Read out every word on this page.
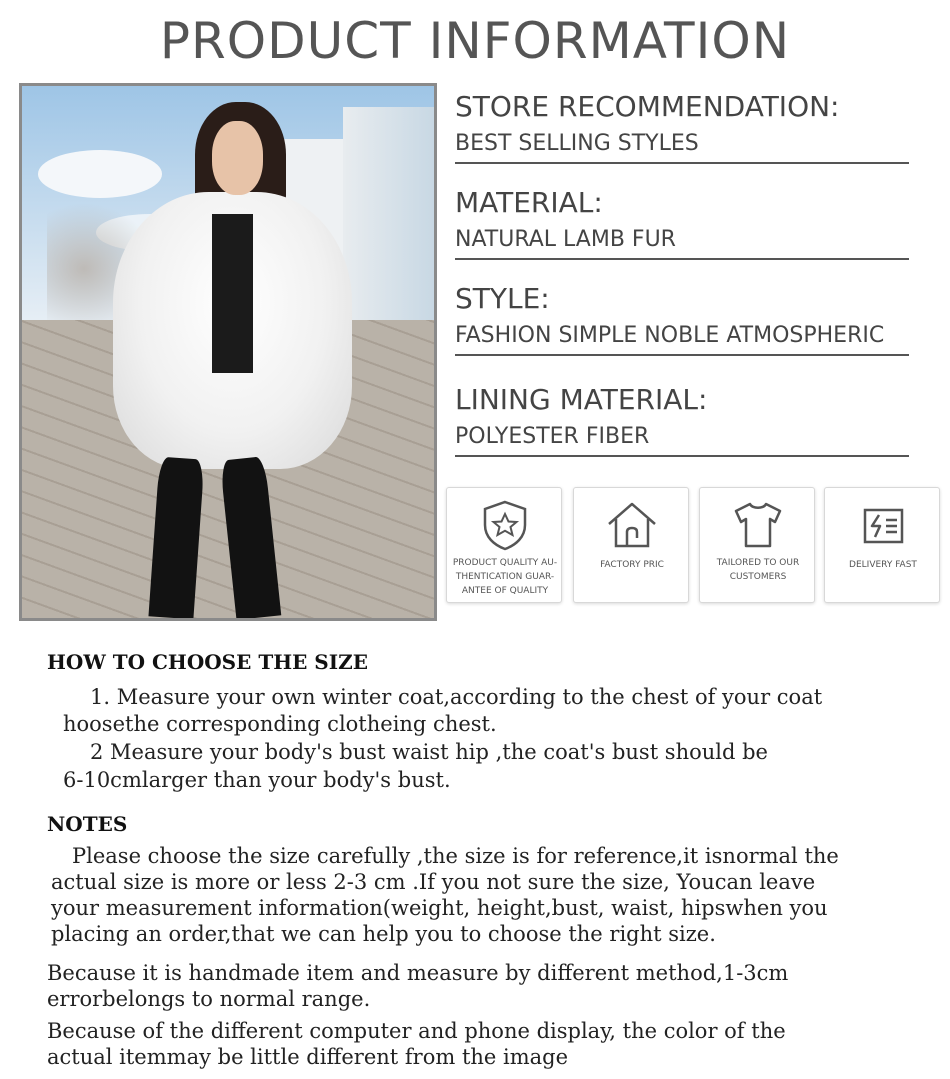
PRODUCT INFORMATION
STORE RECOMMENDATION:
BEST SELLING STYLES
MATERIAL:
NATURAL LAMB FUR
STYLE:
FASHION SIMPLE NOBLE ATMOSPHERIC
LINING MATERIAL:
POLYESTER FIBER
PRODUCT QUALITY AU-
THENTICATION GUAR-
ANTEE OF QUALITY
FACTORY PRIC	TAILORED TO OUR
CUSTOMERS
DELIVERY FAST
HOW TO CHOOSE THE SIZE
1. Measure your own winter coat,according to the chest of your coat
hoosethe corresponding clotheing chest.
2 Measure your body's bust waist hip ,the coat's bust should be
6-10cmlarger than your body's bust.
NOTES
Please choose the size carefully ,the size is for reference,it isnormal the
actual size is more or less 2-3 cm .If you not sure the size, Youcan leave
your measurement information(weight, height,bust, waist, hipswhen you
placing an order,that we can help you to choose the right size.
Because it is handmade item and measure by different method,1-3cm
errorbelongs to normal range.
Because of the different computer and phone display, the color of the
actual itemmay be little different from the image
